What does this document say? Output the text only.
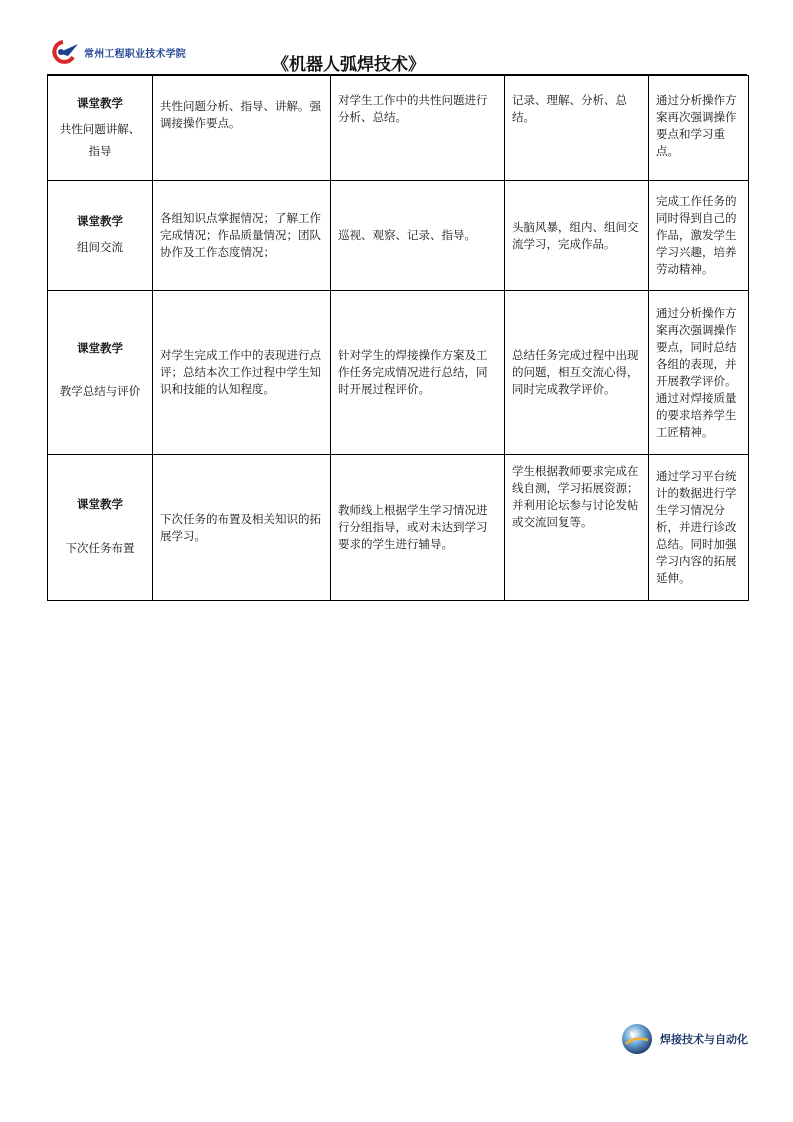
常州工程职业技术学院
《机器人弧焊技术》
课堂教学
共性问题讲解、指导	共性问题分析、指导、讲解。强调接操作要点。	对学生工作中的共性问题进行分析、总结。	记录、理解、分析、总结。	通过分析操作方案再次强调操作要点和学习重点。

课堂教学
组间交流	各组知识点掌握情况；了解工作完成情况；作品质量情况；团队协作及工作态度情况；	巡视、观察、记录、指导。	头脑风暴，组内、组间交流学习，完成作品。	完成工作任务的同时得到自己的作品，激发学生学习兴趣，培养劳动精神。

课堂教学
教学总结与评价	对学生完成工作中的表现进行点评；总结本次工作过程中学生知识和技能的认知程度。	针对学生的焊接操作方案及工作任务完成情况进行总结，同时开展过程评价。	总结任务完成过程中出现的问题，相互交流心得，同时完成教学评价。	通过分析操作方案再次强调操作要点，同时总结各组的表现，并开展教学评价。通过对焊接质量的要求培养学生工匠精神。

课堂教学
下次任务布置	下次任务的布置及相关知识的拓展学习。	教师线上根据学生学习情况进行分组指导，或对未达到学习要求的学生进行辅导。	学生根据教师要求完成在线自测，学习拓展资源；并利用论坛参与讨论发帖或交流回复等。	通过学习平台统计的数据进行学生学习情况分析，并进行诊改总结。同时加强学习内容的拓展延伸。
焊接技术与自动化
